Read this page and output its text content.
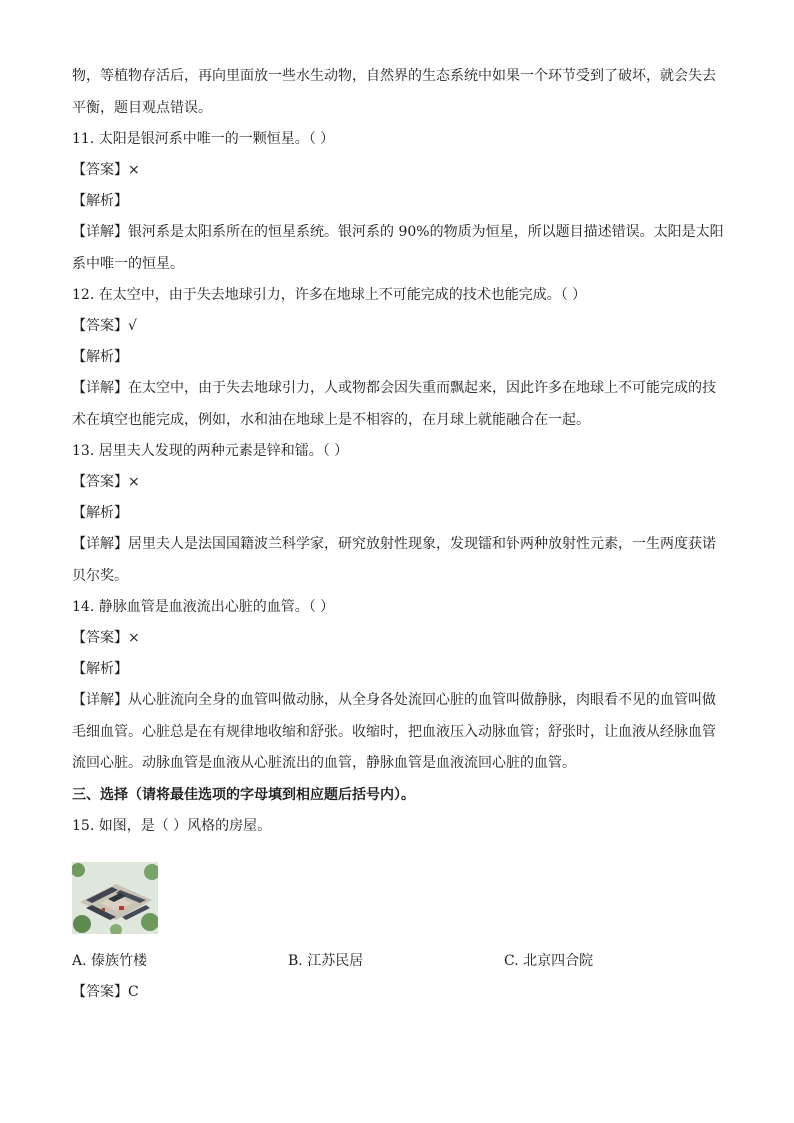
物，等植物存活后，再向里面放一些水生动物，自然界的生态系统中如果一个环节受到了破坏，就会失去
平衡，题目观点错误。
11. 太阳是银河系中唯一的一颗恒星。（ ）
【答案】×
【解析】
【详解】银河系是太阳系所在的恒星系统。银河系的 90%的物质为恒星，所以题目描述错误。太阳是太阳
系中唯一的恒星。
12. 在太空中，由于失去地球引力，许多在地球上不可能完成的技术也能完成。（ ）
【答案】√
【解析】
【详解】在太空中，由于失去地球引力，人或物都会因失重而飘起来，因此许多在地球上不可能完成的技
术在填空也能完成，例如，水和油在地球上是不相容的，在月球上就能融合在一起。
13. 居里夫人发现的两种元素是锌和镭。（ ）
【答案】×
【解析】
【详解】居里夫人是法国国籍波兰科学家，研究放射性现象，发现镭和钋两种放射性元素，一生两度获诺
贝尔奖。
14. 静脉血管是血液流出心脏的血管。（ ）
【答案】×
【解析】
【详解】从心脏流向全身的血管叫做动脉，从全身各处流回心脏的血管叫做静脉，肉眼看不见的血管叫做
毛细血管。心脏总是在有规律地收缩和舒张。收缩时，把血液压入动脉血管；舒张时，让血液从经脉血管
流回心脏。动脉血管是血液从心脏流出的血管，静脉血管是血液流回心脏的血管。
三、选择（请将最佳选项的字母填到相应题后括号内）。
15. 如图，是（ ）风格的房屋。
A. 傣族竹楼	B. 江苏民居	C. 北京四合院
【答案】C
